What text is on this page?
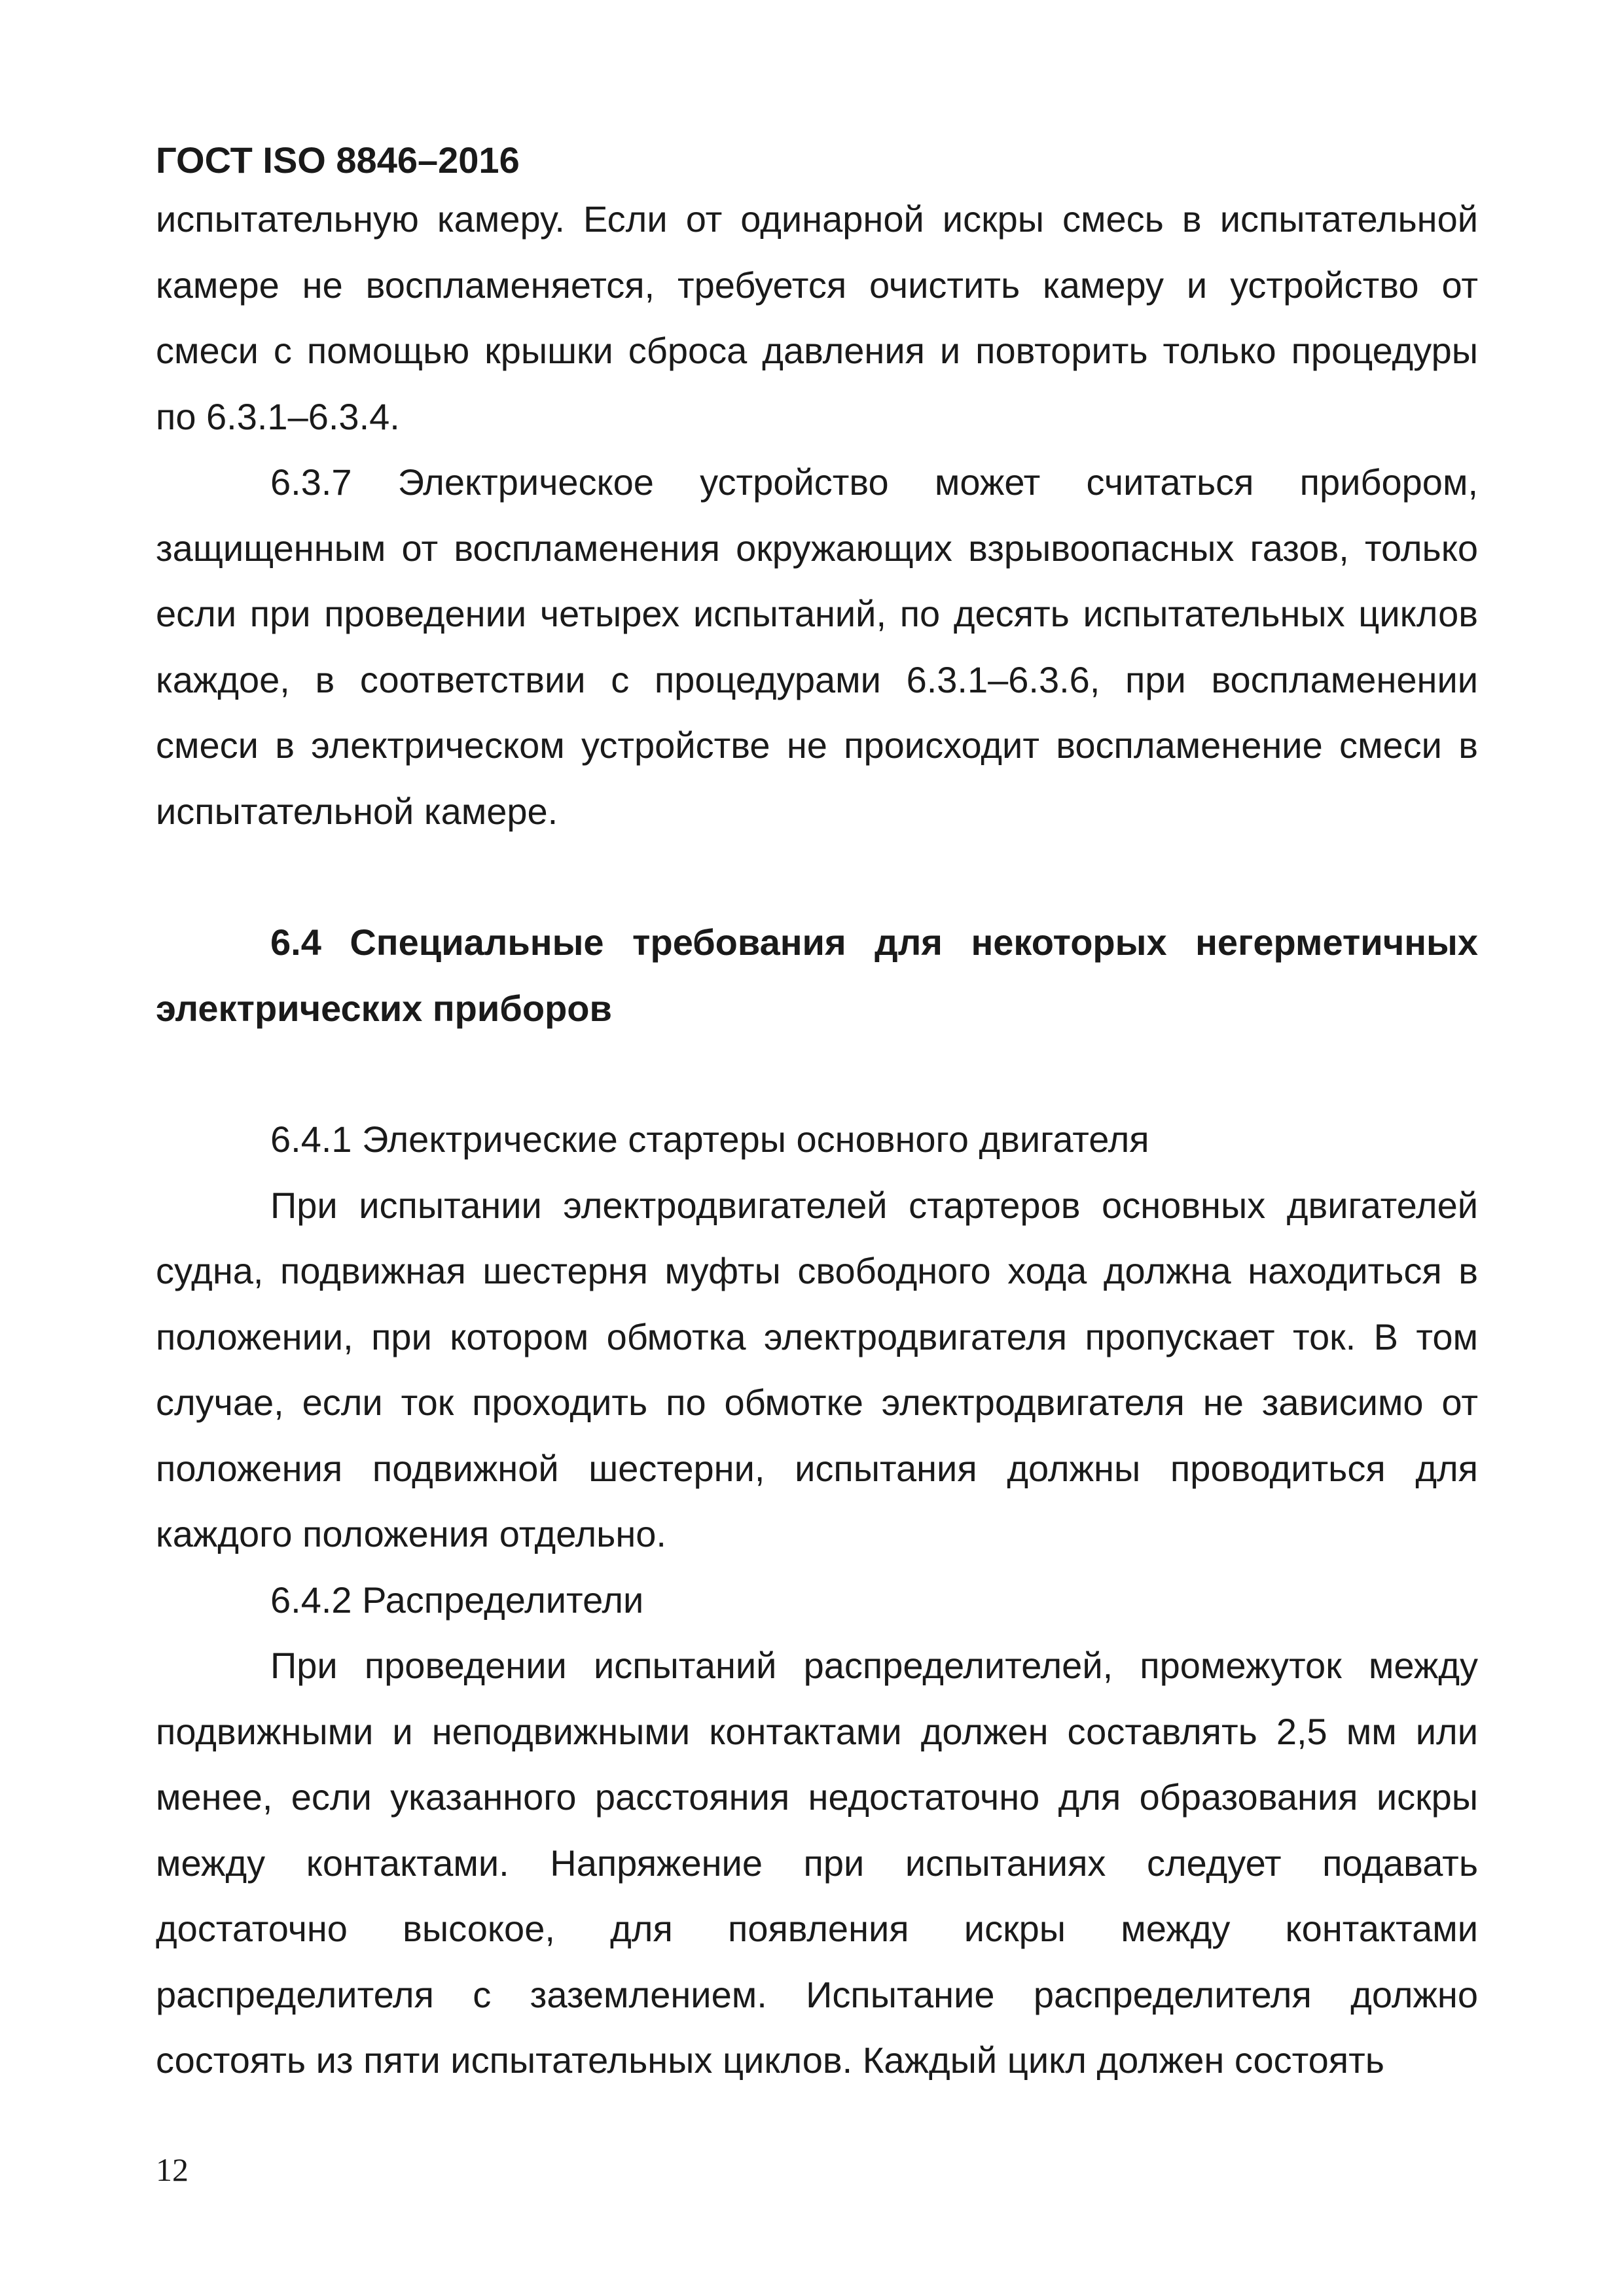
ГОСТ ISO 8846–2016

испытательную камеру. Если от одинарной искры смесь в испытательной камере не воспламеняется, требуется очистить камеру и устройство от смеси с помощью крышки сброса давления и повторить только процедуры по 6.3.1–6.3.4.

6.3.7 Электрическое устройство может считаться прибором, защищенным от воспламенения окружающих взрывоопасных газов, только если при проведении четырех испытаний, по десять испытательных циклов каждое, в соответствии с процедурами 6.3.1–6.3.6, при воспламенении смеси в электрическом устройстве не происходит воспламенение смеси в испытательной камере.

6.4 Специальные требования для некоторых негерметичных электрических приборов

6.4.1 Электрические стартеры основного двигателя

При испытании электродвигателей стартеров основных двигателей судна, подвижная шестерня муфты свободного хода должна находиться в положении, при котором обмотка электродвигателя пропускает ток. В том случае, если ток проходить по обмотке электродвигателя не зависимо от положения подвижной шестерни, испытания должны проводиться для каждого положения отдельно.

6.4.2 Распределители

При проведении испытаний распределителей, промежуток между подвижными и неподвижными контактами должен составлять 2,5 мм или менее, если указанного расстояния недостаточно для образования искры между контактами. Напряжение при испытаниях следует подавать достаточно высокое, для появления искры между контактами распределителя с заземлением. Испытание распределителя должно состоять из пяти испытательных циклов. Каждый цикл должен состоять

12
